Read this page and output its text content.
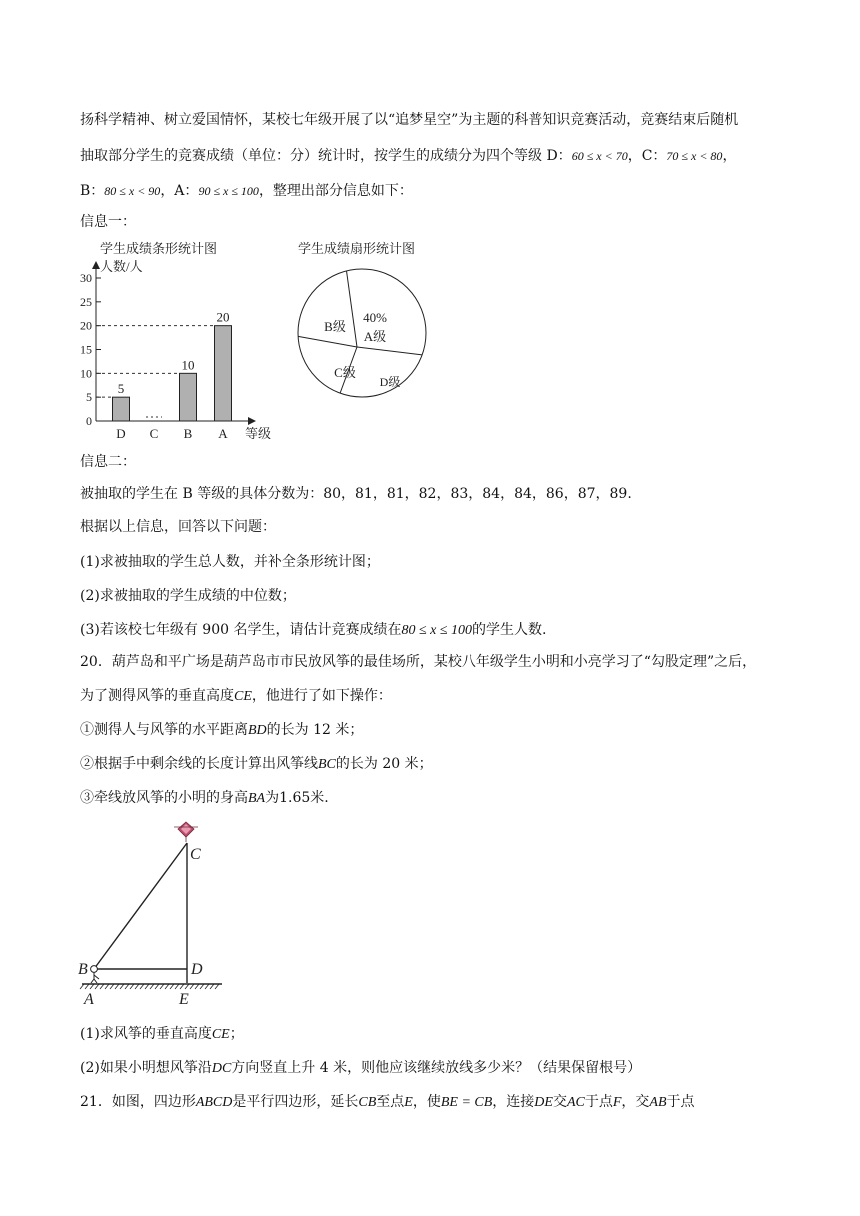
扬科学精神、树立爱国情怀，某校七年级开展了以“追梦星空”为主题的科普知识竞赛活动，竞赛结束后随机
抽取部分学生的竞赛成绩（单位：分）统计时，按学生的成绩分为四个等级 D：60 ≤ x < 70，C：70 ≤ x < 80，
B：80 ≤ x < 90，A：90 ≤ x ≤ 100，整理出部分信息如下：
信息一：
学生成绩条形统计图	学生成绩扇形统计图
人数/人
等级
0
5
10
15
20
25
30
D
5
C B
10
A
20	40%
A级
B级
C级
D级
信息二：
被抽取的学生在 B 等级的具体分数为：80，81，81，82，83，84，84，86，87，89.
根据以上信息，回答以下问题：
(1)求被抽取的学生总人数，并补全条形统计图；
(2)求被抽取的学生成绩的中位数；
(3)若该校七年级有 900 名学生，请估计竞赛成绩在80 ≤ x ≤ 100的学生人数.
20．葫芦岛和平广场是葫芦岛市市民放风筝的最佳场所，某校八年级学生小明和小亮学习了“勾股定理”之后，
为了测得风筝的垂直高度CE，他进行了如下操作：
①测得人与风筝的水平距离BD的长为 12 米；
②根据手中剩余线的长度计算出风筝线BC的长为 20 米；
③牵线放风筝的小明的身高BA为1.65米.
C
B	D
A	E
(1)求风筝的垂直高度CE；
(2)如果小明想风筝沿DC方向竖直上升 4 米，则他应该继续放线多少米？（结果保留根号）
21．如图，四边形ABCD是平行四边形，延长CB至点E，使BE = CB，连接DE交AC于点F，交AB于点
